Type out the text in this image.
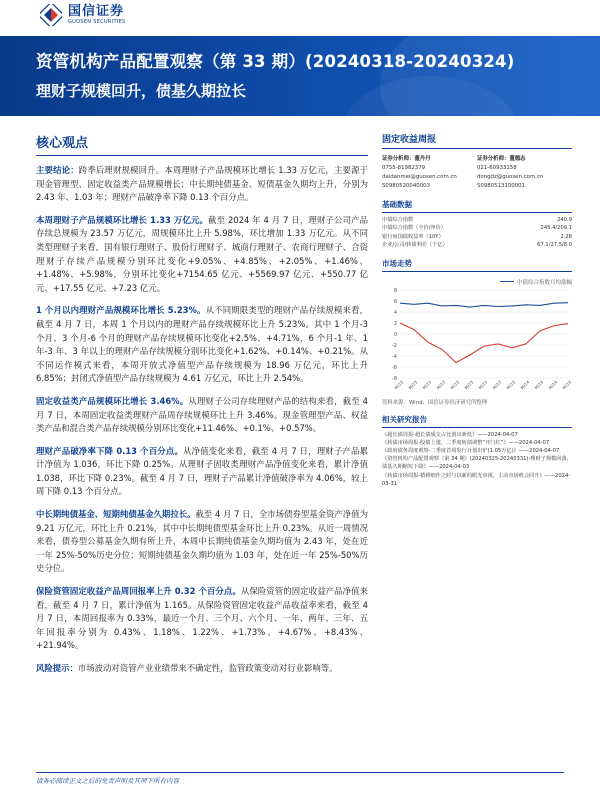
国信证券
GUOSEN SECURITIES
资管机构产品配置观察（第 33 期）(20240318-20240324)
理财子规模回升，债基久期拉长
核心观点
主要结论：跨季后理财规模回升。本周理财子产品规模环比增长 1.33 万亿元，主要源于现金管理型、固定收益类产品规模增长；中长期纯债基金、短债基金久期均上升，分别为 2.43 年、1.03 年；理财产品破净率下降 0.13 个百分点。
本周理财子产品规模环比增长 1.33 万亿元。截至 2024 年 4 月 7 日，理财子公司产品存续总规模为 23.57 万亿元，周规模环比上升 5.98%，环比增加 1.33 万亿元。从不同类型理财子来看，国有银行理财子、股份行理财子、城商行理财子、农商行理财子、合资理财子存续产品规模分别环比变化+9.05%、+4.85%、+2.05%、+1.46%、+1.48%、+5.98%，分别环比变化+7154.65 亿元、+5569.97 亿元、+550.77 亿元、+17.55 亿元、+7.23 亿元。
1 个月以内理财产品规模环比增长 5.23%。从不同期限类型的理财产品存续规模来看，截至 4 月 7 日，本周 1 个月以内的理财产品存续规模环比上升 5.23%。其中 1 个月-3 个月、3 个月-6 个月的理财产品存续规模环比变化+2.5%、+4.71%，6 个月-1 年、1 年-3 年、3 年以上的理财产品存续规模分别环比变化+1.62%、+0.14%、+0.21%。从不同运作模式来看，本周开放式净值型产品存续规模为 18.96 万亿元，环比上升 6.85%；封闭式净值型产品存续规模为 4.61 万亿元，环比上升 2.54%。
固定收益类产品规模环比增长 3.46%。从理财子公司存续理财产品的结构来看，截至 4 月 7 日，本周固定收益类理财产品周存续规模环比上升 3.46%。现金管理型产品、权益类产品和混合类产品存续规模分别环比变化+11.46%、+0.1%、+0.57%。
理财产品破净率下降 0.13 个百分点。从净值变化来看，截至 4 月 7 日，理财子产品累计净值为 1.036，环比下降 0.25%。从理财子固收类理财产品净值变化来看，累计净值 1.038，环比下降 0.23%。截至 4 月 7 日，理财子产品累计净值破净率为 4.06%，较上周下降 0.13 个百分点。
中长期纯债基金、短期纯债基金久期拉长。截至 4 月 7 日，全市场债券型基金资产净值为 9.21 万亿元，环比上升 0.21%，其中中长期纯债型基金环比上升 0.23%。从近一周情况来看，债券型公募基金久期有所上升，本周中长期纯债基金久期均值为 2.43 年，处在近一年 25%-50%历史分位；短期纯债基金久期均值为 1.03 年，处在近一年 25%-50%历史分位。
保险资管固定收益产品周回报率上升 0.32 个百分点。从保险资管的固定收益产品净值来看，截至 4 月 7 日，累计净值为 1.165。从保险资管固定收益产品收益率来看，截至 4 月 7 日，本周回报率为 0.33%，最近一个月、三个月、六个月、一年、两年、三年、五年回报率分别为 0.43%、1.18%、1.22%、+1.73%、+4.67%、+8.43%、+21.94%。
风险提示：市场波动对资管产业业绩带来不确定性，监管政策变动对行业影响等。
固定收益周报
证券分析师：董丹丹
0755-81982379
daidanmei@guosen.com.cn
S0980520040003
证券分析师：董德志
021-60933158
dongdz@guosen.com.cn
S0980513100001
基础数据
中债综合指数	240.9
中债综合指数（全价/净价）	245.4/209.1
银行间国债收益率（10Y）	2.28
企业/公司/转债利差（千亿）	67.1/27.5/8.0
市场走势
中债综合指数月均涨幅
8
6
4
2
0
-2
-4
-6
-8
M/23 M/23 M/23 M/23 M/23 M/23 M/23 M/23 M/23 M/24 M/24 M/24 M/24
资料来源：Wind、国信证券经济研究所整理
相关研究报告
《超长债周报-超长债成交占比创出新低》——2024-04-07
《转债市场周报-股债上涨，二季度转债调整“开门红”》——2024-04-07
《政府债务周度观察-二季度首周发行计划出炉(1.05万亿)》——2024-04-07
《资管机构产品配置观察（第 34 期）(20240325-20240331)-理财子规模回落、债基久期缩短下降》——2024-04-03
《转债市场周报-精耕细作之时与以新的眼光审视，主动市场机会回升》——2024-03-31
请务必阅读正文之后的免责声明及其项下所有内容
